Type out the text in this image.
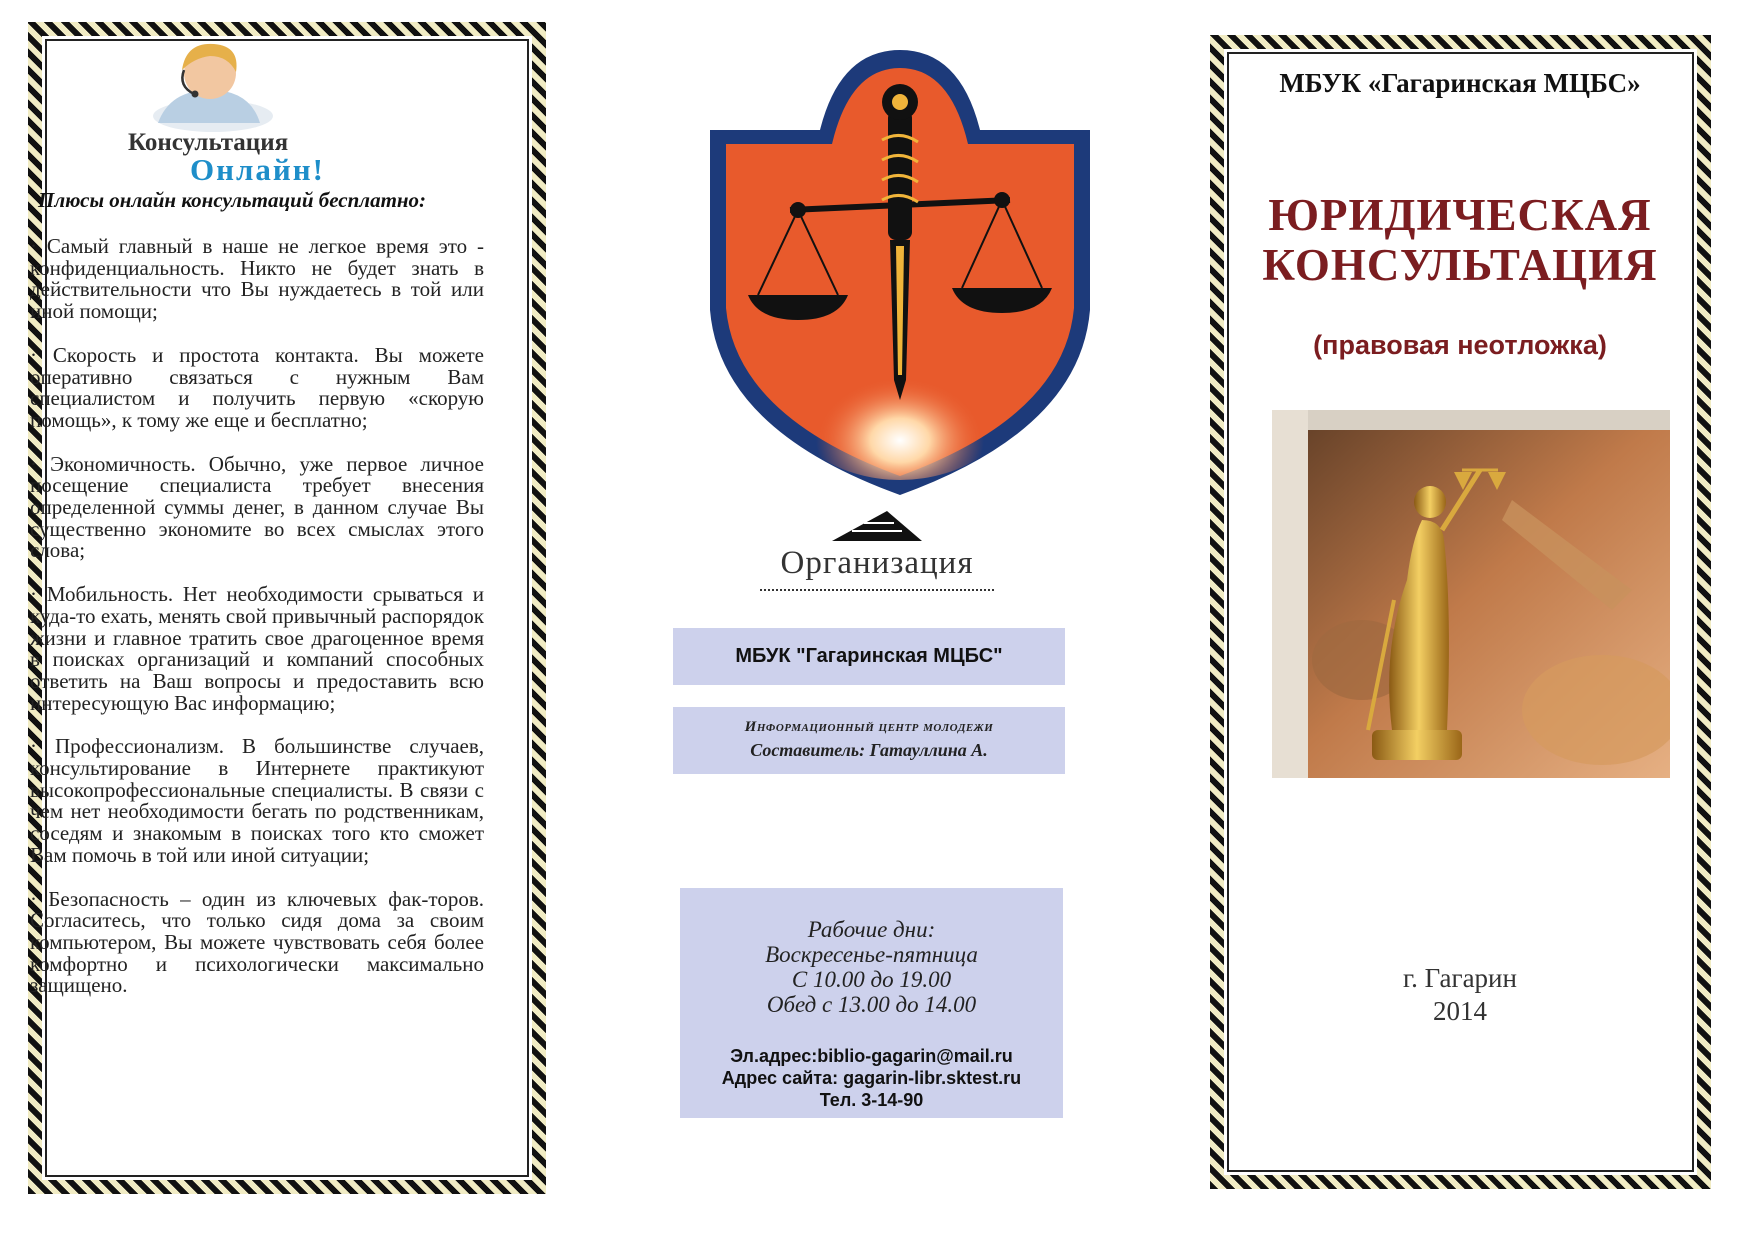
Консультация
Онлайн!
Плюсы онлайн консультаций бесплатно:

· Самый главный в наше не легкое время это - конфиденциальность. Никто не будет знать в действительности что Вы нуждаетесь в той или иной помощи;

· Скорость и простота контакта. Вы можете оперативно связаться с нужным Вам специалистом и получить первую «скорую помощь», к тому же еще и бесплатно;

· Экономичность. Обычно, уже первое личное посещение специалиста требует внесения определенной суммы денег, в данном случае Вы существенно экономите во всех смыслах этого слова;

· Мобильность. Нет необходимости срываться и куда-то ехать, менять свой привычный распорядок жизни и главное тратить свое драгоценное время в поисках организаций и компаний способных ответить на Ваш вопросы и предоставить всю интересующую Вас информацию;

· Профессионализм. В большинстве случаев, консультирование в Интернете практикуют высокопрофессиональные специалисты. В связи с чем нет необходимости бегать по родственникам, соседям и знакомым в поисках того кто сможет Вам помочь в той или иной ситуации;

· Безопасность – один из ключевых фак-торов. Согласитесь, что только сидя дома за своим компьютером, Вы можете чувствовать себя более комфортно и психологически максимально защищено.

Организация
МБУК "Гагаринская МЦБС"
Информационный центр молодежи
Составитель: Гатауллина А.
Рабочие дни:
Воскресенье-пятница
С 10.00 до 19.00
Обед с 13.00 до 14.00
Эл.адрес:biblio-gagarin@mail.ru
Адрес сайта: gagarin-libr.sktest.ru
Тел. 3-14-90
МБУК «Гагаринская МЦБС»
ЮРИДИЧЕСКАЯ
КОНСУЛЬТАЦИЯ
(правовая неотложка)
г. Гагарин
2014
